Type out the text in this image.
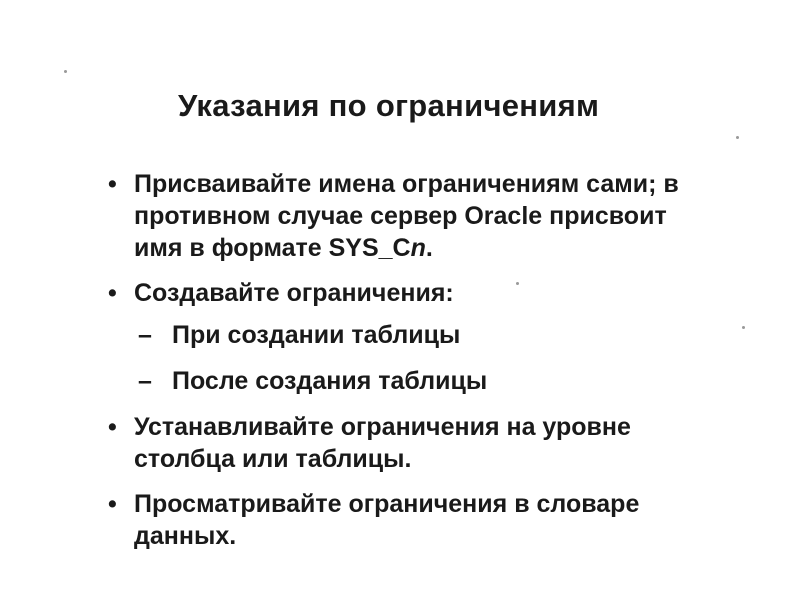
Указания по ограничениям
• Присваивайте имена ограничениям сами; в
противном случае сервер Oracle присвоит
имя в формате SYS_Cn.
• Создавайте ограничения:
– При создании таблицы
– После создания таблицы
• Устанавливайте ограничения на уровне
столбца или таблицы.
• Просматривайте ограничения в словаре
данных.
